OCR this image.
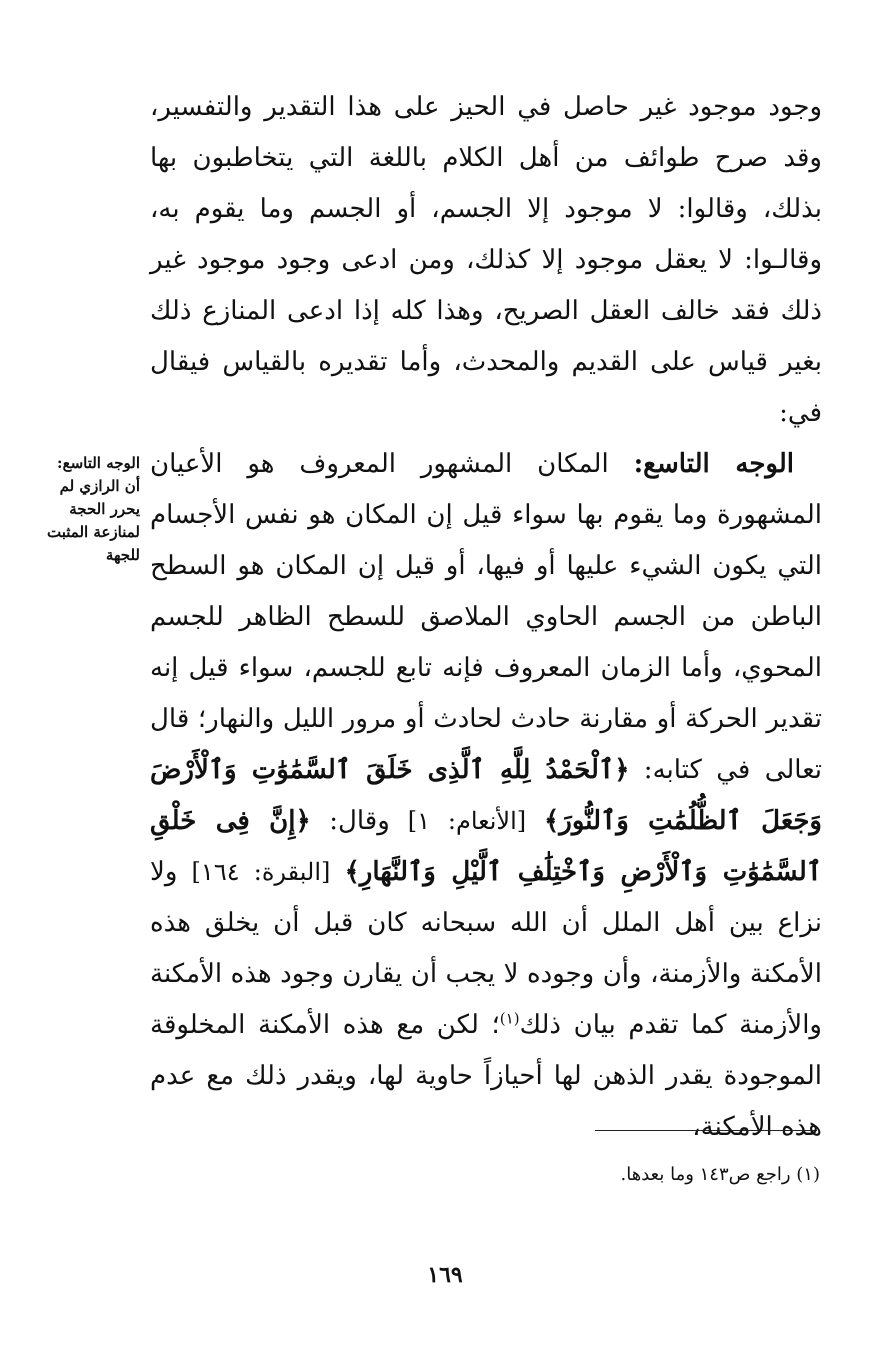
وجود موجود غير حاصل في الحيز على هذا التقدير والتفسير، وقد صرح طوائف من أهل الكلام باللغة التي يتخاطبون بها بذلك، وقالوا: لا موجود إلا الجسم، أو الجسم وما يقوم به، وقالـوا: لا يعقل موجود إلا كذلك، ومن ادعى وجود موجود غير ذلك فقد خالف العقل الصريح، وهذا كله إذا ادعى المنازع ذلك بغير قياس على القديم والمحدث، وأما تقديره بالقياس فيقال في:

الوجه التاسع: المكان المشهور المعروف هو الأعيان المشهورة وما يقوم بها سواء قيل إن المكان هو نفس الأجسام التي يكون الشيء عليها أو فيها، أو قيل إن المكان هو السطح الباطن من الجسم الحاوي الملاصق للسطح الظاهر للجسم المحوي، وأما الزمان المعروف فإنه تابع للجسم، سواء قيل إنه تقدير الحركة أو مقارنة حادث لحادث أو مرور الليل والنهار؛ قال تعالى في كتابه: ﴿ٱلْحَمْدُ لِلَّهِ ٱلَّذِى خَلَقَ ٱلسَّمَٰوَٰتِ وَٱلْأَرْضَ وَجَعَلَ ٱلظُّلُمَٰتِ وَٱلنُّورَ﴾ [الأنعام: ١] وقال: ﴿إِنَّ فِى خَلْقِ ٱلسَّمَٰوَٰتِ وَٱلْأَرْضِ وَٱخْتِلَٰفِ ٱلَّيْلِ وَٱلنَّهَارِ﴾ [البقرة: ١٦٤] ولا نزاع بين أهل الملل أن الله سبحانه كان قبل أن يخلق هذه الأمكنة والأزمنة، وأن وجوده لا يجب أن يقارن وجود هذه الأمكنة والأزمنة كما تقدم بيان ذلك$^{(١)}$؛ لكن مع هذه الأمكنة المخلوقة الموجودة يقدر الذهن لها أحيازاً حاوية لها، ويقدر ذلك مع عدم هذه الأمكنة،

الوجه التاسع:
أن الرازي لم
يحرر الحجة
لمنازعة المثبت
للجهة
(١) راجع ص١٤٣ وما بعدها.
١٦٩
